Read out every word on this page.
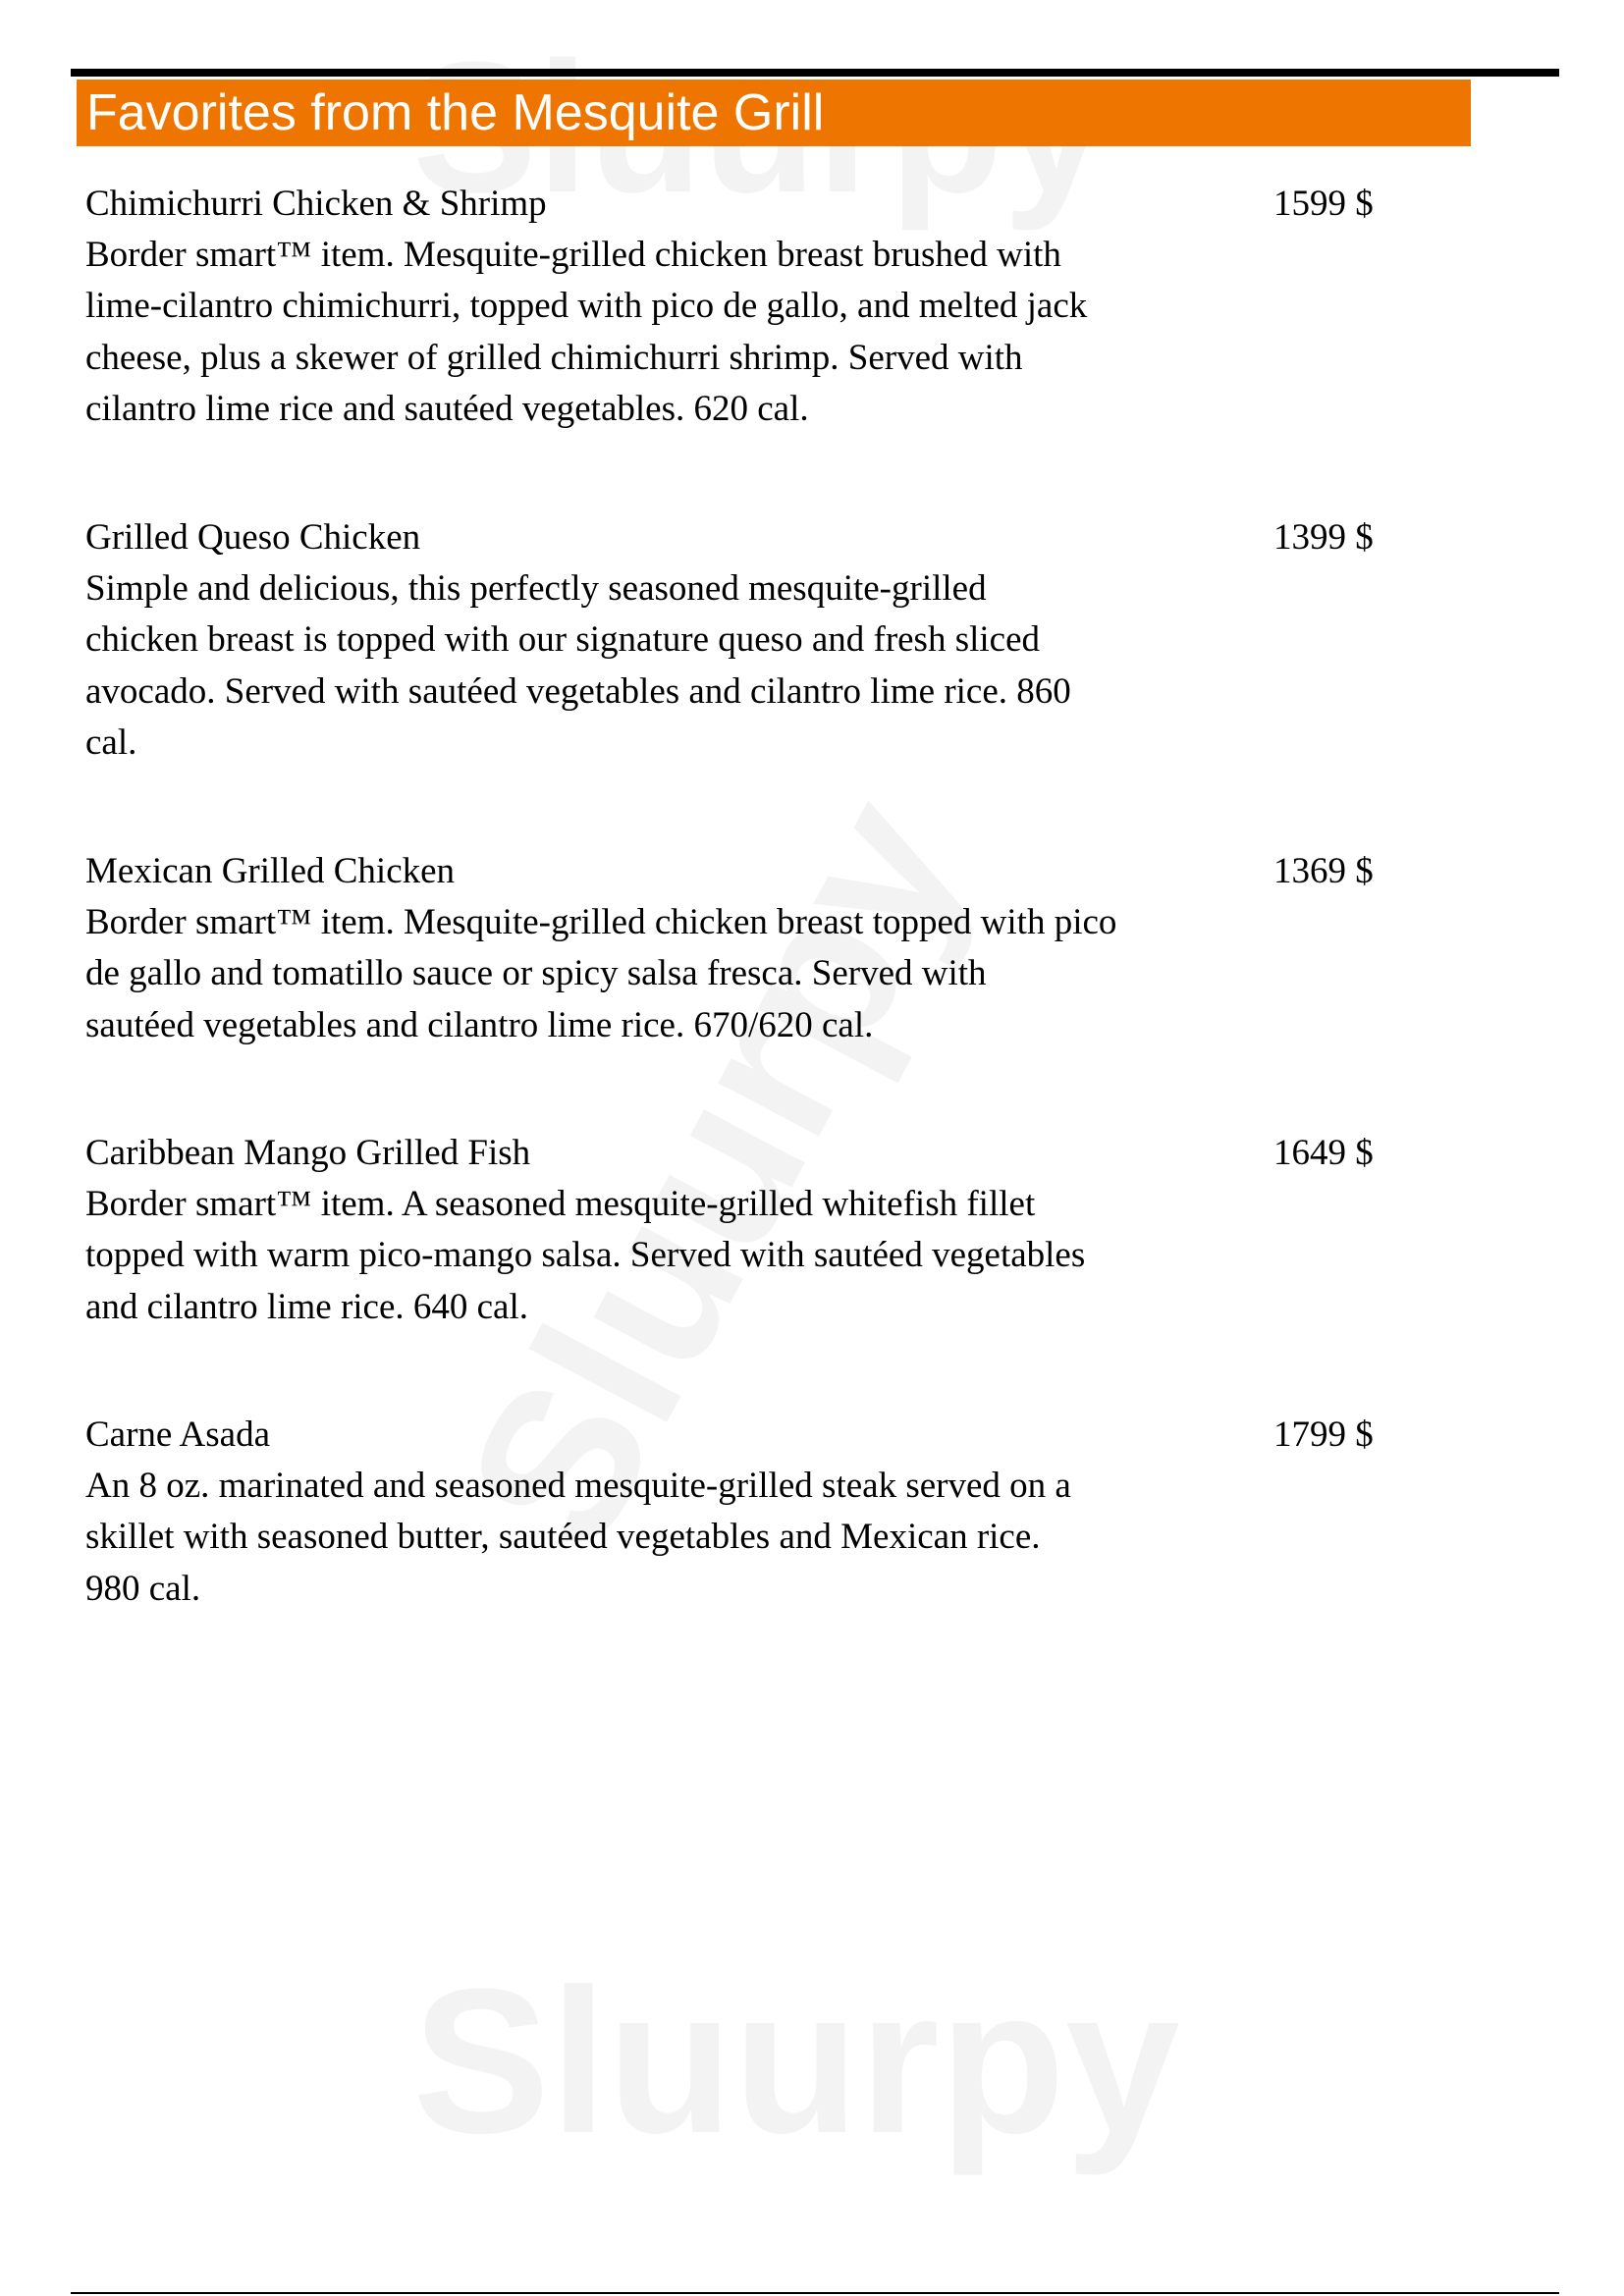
Favorites from the Mesquite Grill
Chimichurri Chicken & Shrimp	1599 $
Border smart™ item. Mesquite-grilled chicken breast brushed with
lime-cilantro chimichurri, topped with pico de gallo, and melted jack
cheese, plus a skewer of grilled chimichurri shrimp. Served with
cilantro lime rice and sautéed vegetables. 620 cal.
Grilled Queso Chicken	1399 $
Simple and delicious, this perfectly seasoned mesquite-grilled
chicken breast is topped with our signature queso and fresh sliced
avocado. Served with sautéed vegetables and cilantro lime rice. 860
cal.
Mexican Grilled Chicken	1369 $
Border smart™ item. Mesquite-grilled chicken breast topped with pico
de gallo and tomatillo sauce or spicy salsa fresca. Served with
sautéed vegetables and cilantro lime rice. 670/620 cal.
Caribbean Mango Grilled Fish	1649 $
Border smart™ item. A seasoned mesquite-grilled whitefish fillet
topped with warm pico-mango salsa. Served with sautéed vegetables
and cilantro lime rice. 640 cal.
Carne Asada	1799 $
An 8 oz. marinated and seasoned mesquite-grilled steak served on a
skillet with seasoned butter, sautéed vegetables and Mexican rice.
980 cal.
